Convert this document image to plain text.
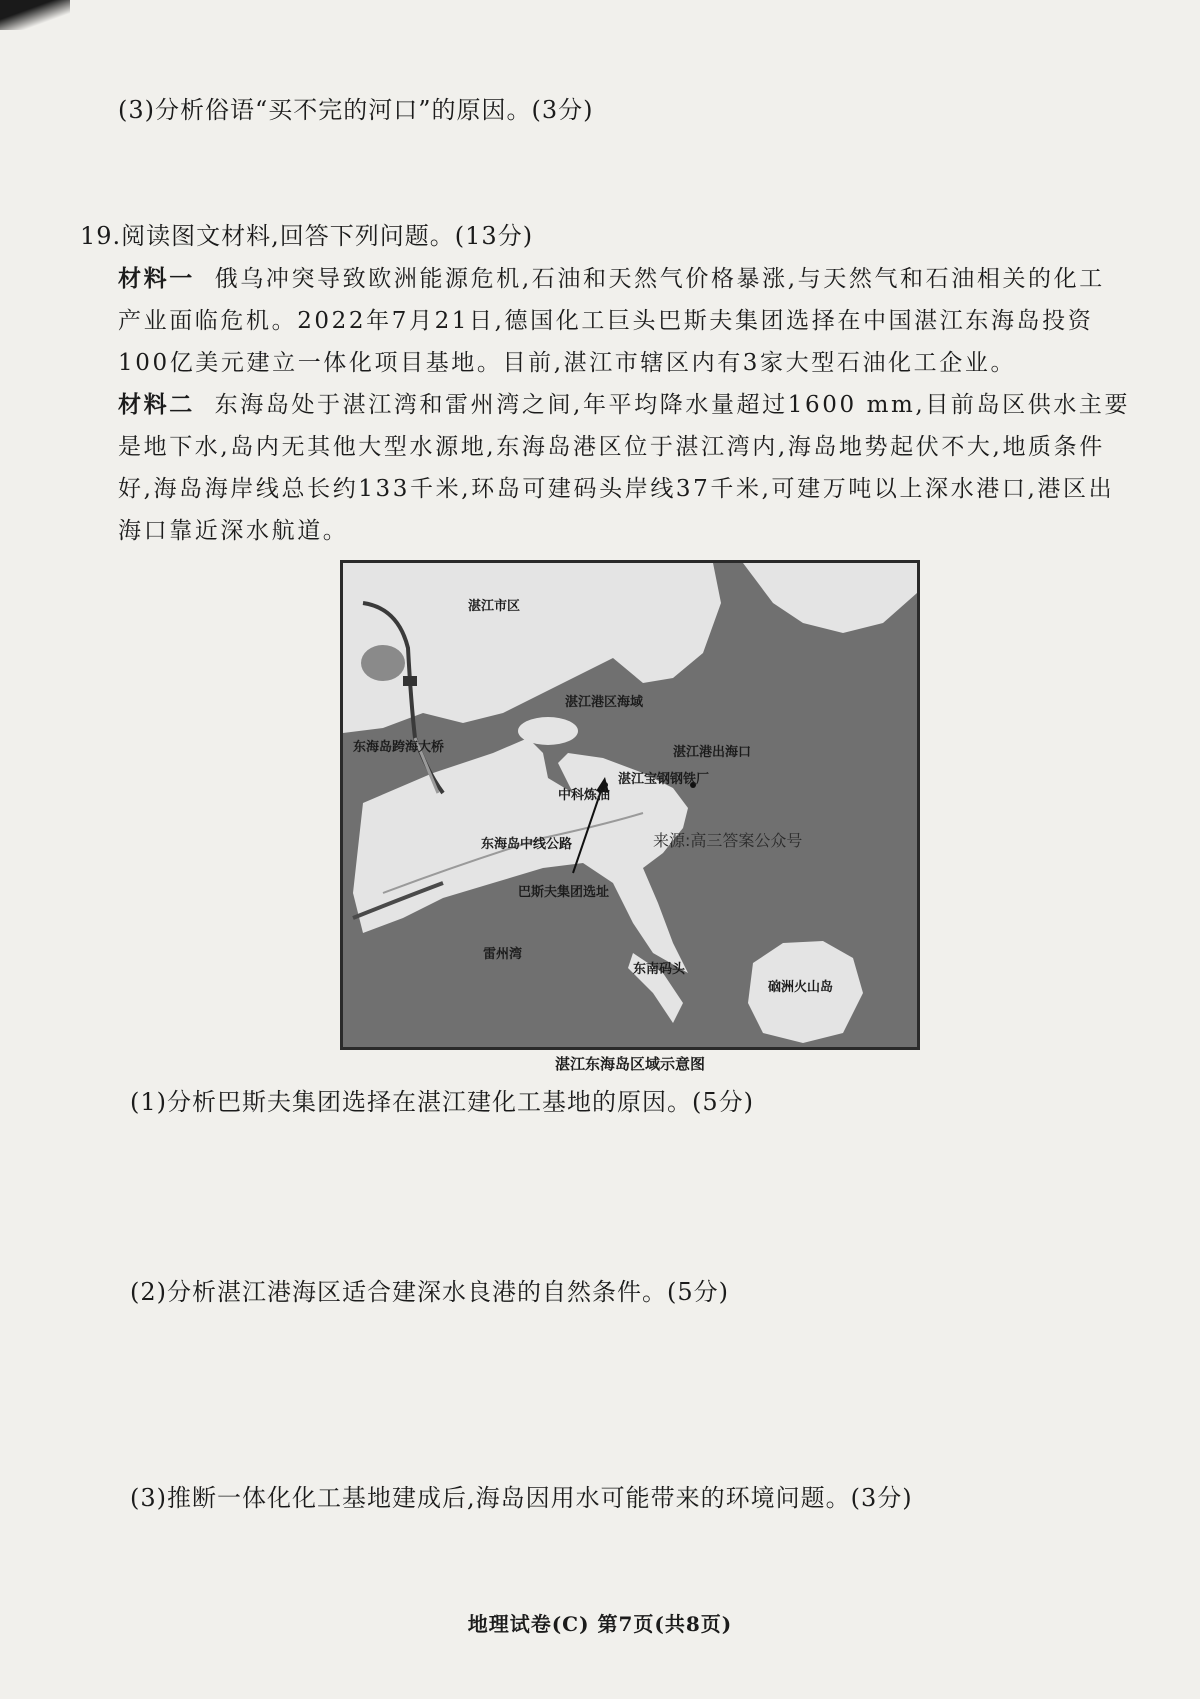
(3)分析俗语“买不完的河口”的原因。(3分)
19.阅读图文材料,回答下列问题。(13分)
材料一 俄乌冲突导致欧洲能源危机,石油和天然气价格暴涨,与天然气和石油相关的化工
产业面临危机。2022年7月21日,德国化工巨头巴斯夫集团选择在中国湛江东海岛投资
100亿美元建立一体化项目基地。目前,湛江市辖区内有3家大型石油化工企业。
材料二 东海岛处于湛江湾和雷州湾之间,年平均降水量超过1600 mm,目前岛区供水主要
是地下水,岛内无其他大型水源地,东海岛港区位于湛江湾内,海岛地势起伏不大,地质条件
好,海岛海岸线总长约133千米,环岛可建码头岸线37千米,可建万吨以上深水港口,港区出
海口靠近深水航道。
湛江市区
湛江港区海域
东海岛跨海大桥	湛江港出海口
湛江宝钢钢铁厂
中科炼油
来源:高三答案公众号
东海岛中线公路
巴斯夫集团选址
雷州湾
东南码头
硇洲火山岛
湛江东海岛区域示意图
(1)分析巴斯夫集团选择在湛江建化工基地的原因。(5分)
(2)分析湛江港海区适合建深水良港的自然条件。(5分)
(3)推断一体化化工基地建成后,海岛因用水可能带来的环境问题。(3分)
地理试卷(C) 第7页(共8页)
